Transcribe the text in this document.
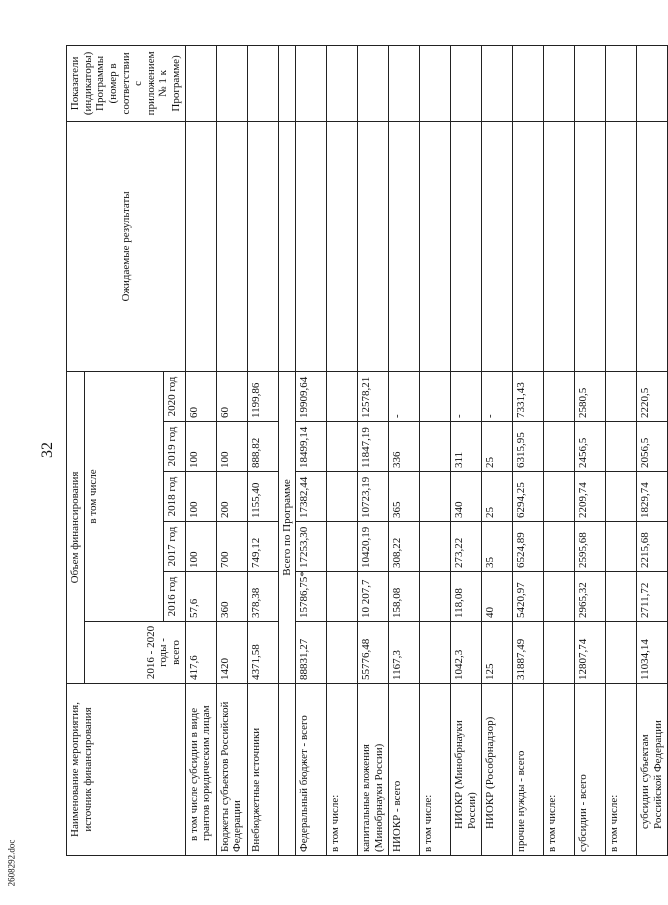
32
2608292.doc
Наименование мероприятия, источник финансирования	Объем финансирования						Ожидаемые результаты	Показатели (индикаторы) Программы (номер в соответствии с приложением № 1 к Программе)
	2016 - 2020 годы - всего	в том числе						
		2016 год	2017 год	2018 год	2019 год	2020 год		
в том числе субсидии в виде грантов юридическим лицам	417,6	57,6	100	100	100	60		
Бюджеты субъектов Российской Федерации	1420	360	700	200	100	60		
Внебюджетные источники	4371,58	378,38	749,12	1155,40	888,82	1199,86		
	Всего по Программе							
Федеральный бюджет - всего	88831,27	15786,75*	17253,30	17382,44	18499,14	19909,64		
в том числе:								
капитальные вложения (Минобрнауки России)	55776,48	10 207,7	10420,19	10723,19	11847,19	12578,21		
НИОКР - всего	1167,3	158,08	308,22	365	336	-		
в том числе:								
НИОКР (Минобрнауки России)	1042,3	118,08	273,22	340	311	-		
НИОКР (Рособрнадзор)	125	40	35	25	25	-		
прочие нужды - всего	31887,49	5420,97	6524,89	6294,25	6315,95	7331,43		
в том числе:								
субсидии - всего	12807,74	2965,32	2595,68	2209,74	2456,5	2580,5		
в том числе:								
субсидии субъектам Российской Федерации	11034,14	2711,72	2215,68	1829,74	2056,5	2220,5		
